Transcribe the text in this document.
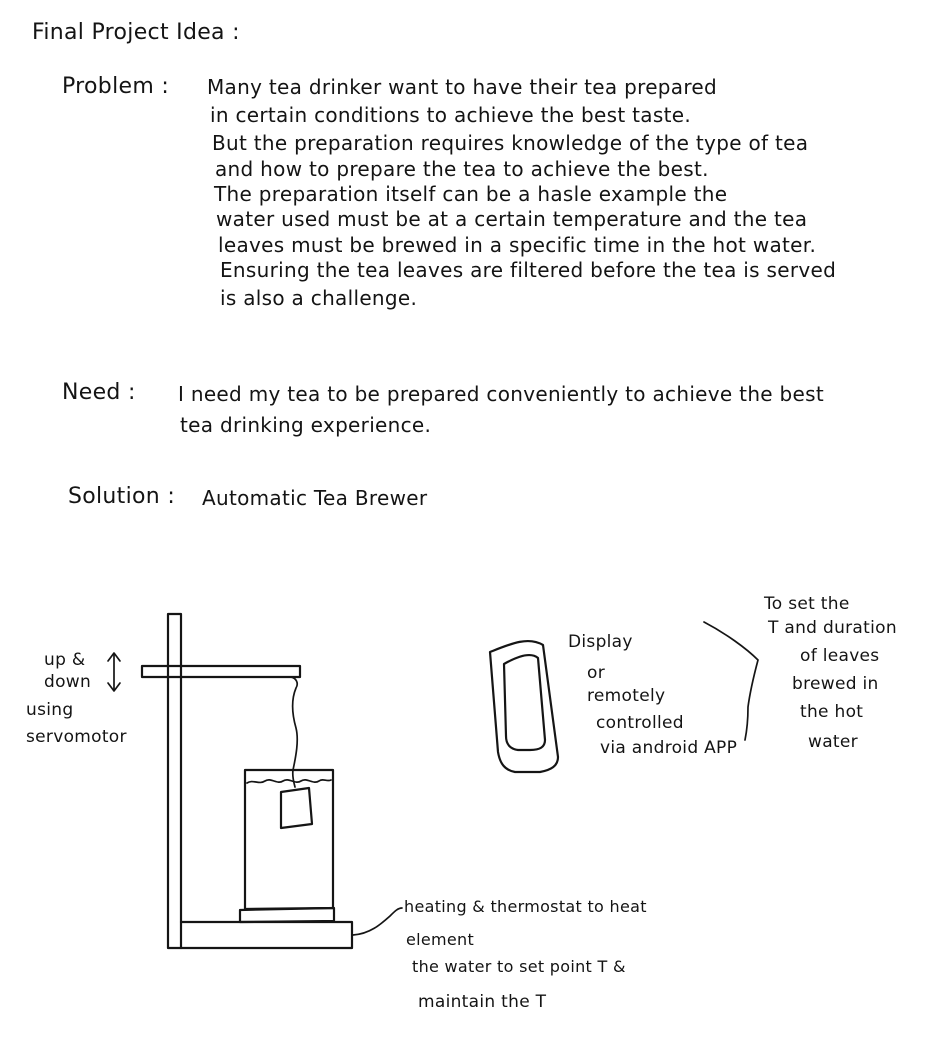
Final Project Idea :
Problem : Many tea drinker want to have their tea prepared
in certain conditions to achieve the best taste.
But the preparation requires knowledge of the type of tea
and how to prepare the tea to achieve the best.
The preparation itself can be a hasle example the
water used must be at a certain temperature and the tea
leaves must be brewed in a specific time in the hot water.
Ensuring the tea leaves are filtered before the tea is served
is also a challenge.
Need : I need my tea to be prepared conveniently to achieve the best
tea drinking experience.
Solution : Automatic Tea Brewer
up &
down
using
servomotor
Display
or
remotely
controlled
via android APP
To set the
T and duration
of leaves
brewed in
the hot
water
heating & thermostat to heat
element
the water to set point T &
maintain the T
